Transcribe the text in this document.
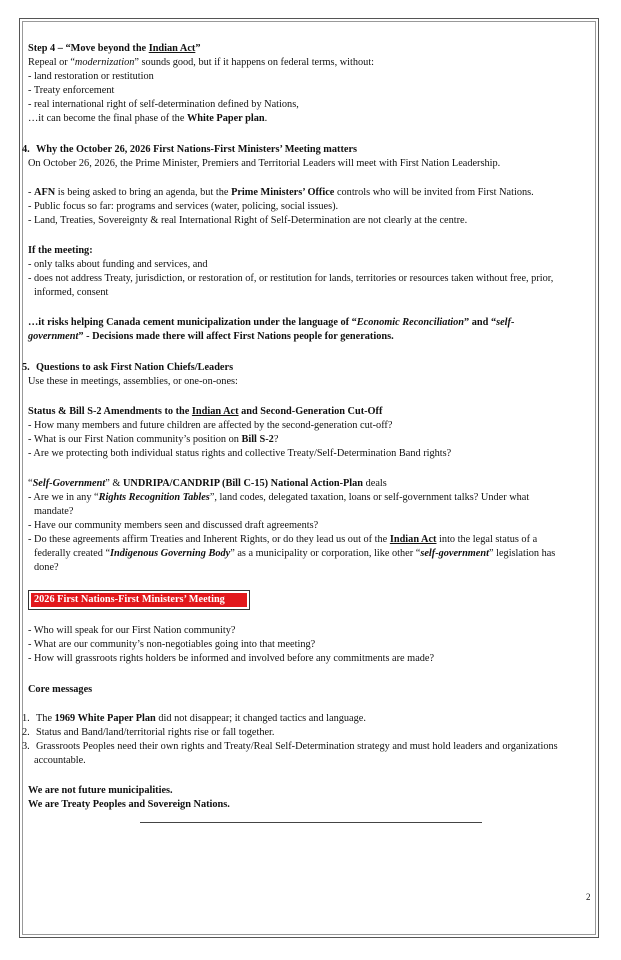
Step 4 – “Move beyond the Indian Act”
Repeal or “modernization” sounds good, but if it happens on federal terms, without:
- land restoration or restitution
- Treaty enforcement
- real international right of self-determination defined by Nations,
…it can become the final phase of the White Paper plan.
4. Why the October 26, 2026 First Nations-First Ministers’ Meeting matters
On October 26, 2026, the Prime Minister, Premiers and Territorial Leaders will meet with First Nation Leadership.
- AFN is being asked to bring an agenda, but the Prime Ministers’ Office controls who will be invited from First Nations.
- Public focus so far: programs and services (water, policing, social issues).
- Land, Treaties, Sovereignty & real International Right of Self-Determination are not clearly at the centre.
If the meeting:
- only talks about funding and services, and
- does not address Treaty, jurisdiction, or restoration of, or restitution for lands, territories or resources taken without free, prior,
informed, consent
…it risks helping Canada cement municipalization under the language of “Economic Reconciliation” and “self-
government” - Decisions made there will affect First Nations people for generations.
5. Questions to ask First Nation Chiefs/Leaders
Use these in meetings, assemblies, or one-on-ones:
Status & Bill S-2 Amendments to the Indian Act and Second-Generation Cut-Off
- How many members and future children are affected by the second-generation cut-off?
- What is our First Nation community’s position on Bill S-2?
- Are we protecting both individual status rights and collective Treaty/Self-Determination Band rights?
“Self-Government” & UNDRIPA/CANDRIP (Bill C-15) National Action-Plan deals
- Are we in any “Rights Recognition Tables”, land codes, delegated taxation, loans or self-government talks? Under what
mandate?
- Have our community members seen and discussed draft agreements?
- Do these agreements affirm Treaties and Inherent Rights, or do they lead us out of the Indian Act into the legal status of a
federally created “Indigenous Governing Body” as a municipality or corporation, like other “self-government” legislation has
done?
2026 First Nations-First Ministers’ Meeting
- Who will speak for our First Nation community?
- What are our community’s non-negotiables going into that meeting?
- How will grassroots rights holders be informed and involved before any commitments are made?
Core messages
1. The 1969 White Paper Plan did not disappear; it changed tactics and language.
2. Status and Band/land/territorial rights rise or fall together.
3. Grassroots Peoples need their own rights and Treaty/Real Self-Determination strategy and must hold leaders and organizations
accountable.
We are not future municipalities.
We are Treaty Peoples and Sovereign Nations.
2
